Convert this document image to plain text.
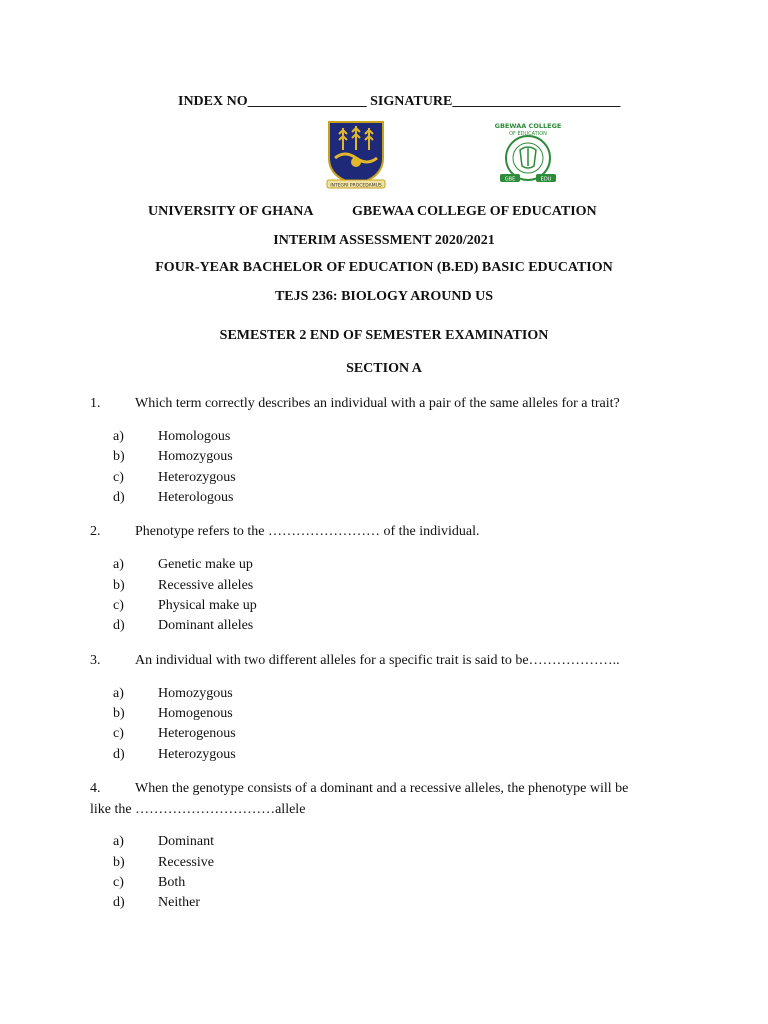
INDEX NO_________________ SIGNATURE________________________
INTEGRI PROCEDAMUS
GBEWAA COLLEGE
OF EDUCATION
GBE	EDU
UNIVERSITY OF GHANA	GBEWAA COLLEGE OF EDUCATION
INTERIM ASSESSMENT 2020/2021
FOUR-YEAR BACHELOR OF EDUCATION (B.ED) BASIC EDUCATION
TEJS 236: BIOLOGY AROUND US
SEMESTER 2 END OF SEMESTER EXAMINATION
SECTION A
1. Which term correctly describes an individual with a pair of the same alleles for a trait?
a) Homologous
b) Homozygous
c) Heterozygous
d) Heterologous
2. Phenotype refers to the …………………… of the individual.
a) Genetic make up
b) Recessive alleles
c) Physical make up
d) Dominant alleles
3. An individual with two different alleles for a specific trait is said to be………………..
a) Homozygous
b) Homogenous
c) Heterogenous
d) Heterozygous
4. When the genotype consists of a dominant and a recessive alleles, the phenotype will be
like the …………………………allele
a) Dominant
b) Recessive
c) Both
d) Neither
